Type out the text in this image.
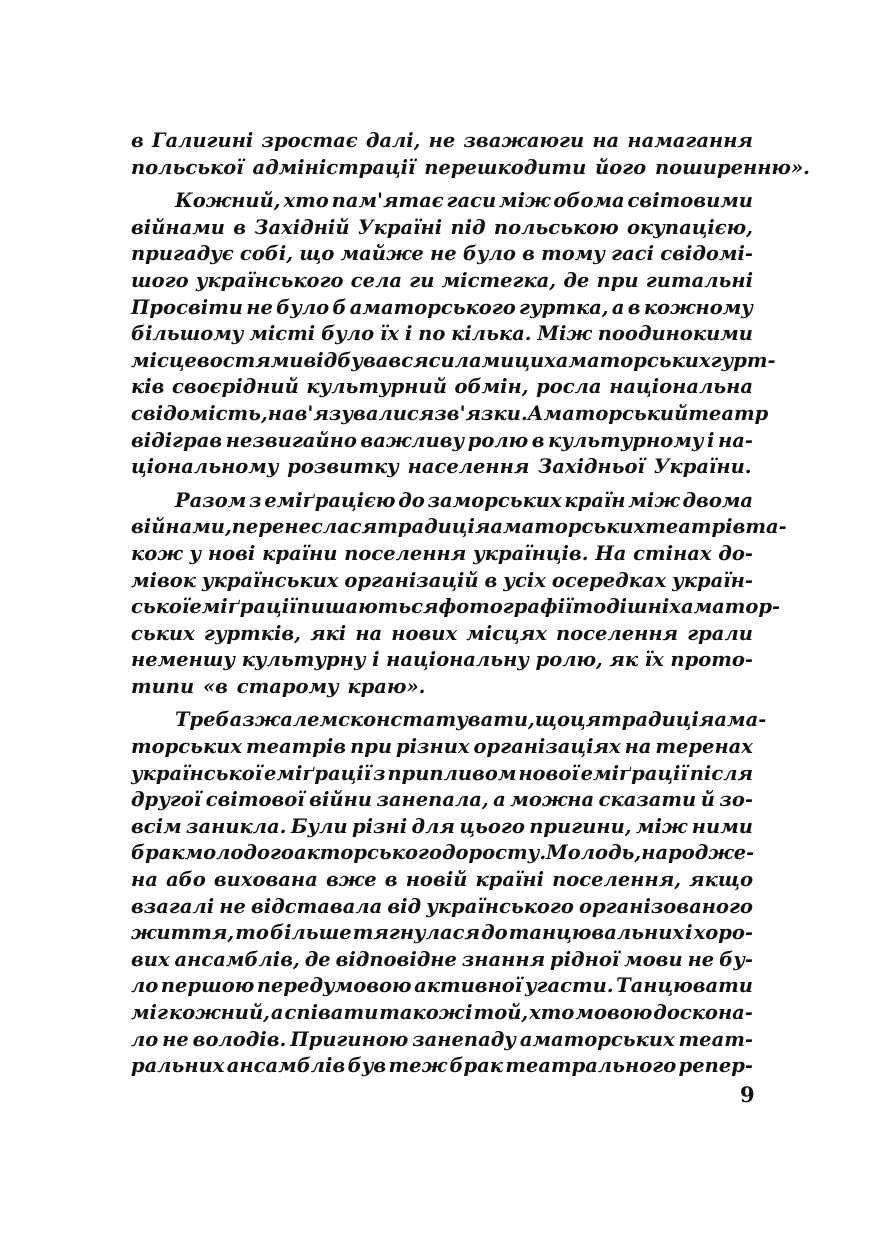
в Галигині зростає далі, не зважаюги на намагання
польської адміністрації перешкодити його поширенню».
Кожний, хто пам'ятає гаси між обома світовими
війнами в Західній Україні під польською окупацією,
пригадує собі, що майже не було в тому гасі свідомі-
шого українського села ги містегка, де при гитальні
Просвіти не було б аматорського гуртка, а в кожному
більшому місті було їх і по кілька. Між поодинокими
місцевостями відбувався силами цих аматорських гурт-
ків своєрідний культурний обмін, росла національна
свідомість, нав'язувалися зв'язки. Аматорський театр
відіграв незвигайно важливу ролю в культурному і на-
ціональному розвитку населення Західньої України.
Разом з еміґрацією до заморських країн між двома
війнами, перенеслася традиція аматорських театрів та-
кож у нові країни поселення українців. На стінах до-
мівок українських організацій в усіх осередках україн-
ської еміґрації пишаються фотографії тодішніх аматор-
ських гуртків, які на нових місцях поселення грали
неменшу культурну і національну ролю, як їх прото-
типи «в старому краю».
Треба з жалем сконстатувати, що ця традиція ама-
торських театрів при різних організаціях на теренах
української еміґрації з припливом нової еміґрації після
другої світової війни занепала, а можна сказати й зо-
всім заникла. Були різні для цього пригини, між ними
брак молодого акторського доросту. Молодь, народже-
на або вихована вже в новій країні поселення, якщо
взагалі не відставала від українського організованого
життя, то більше тягнулася до танцювальних і хоро-
вих ансамблів, де відповідне знання рідної мови не бу-
ло першою передумовою активної угасти. Танцювати
міг кожний, а співати також і той, хто мовою доскона-
ло не володів. Пригиною занепаду аматорських теат-
ральних ансамблів був теж брак театрального репер-
9
